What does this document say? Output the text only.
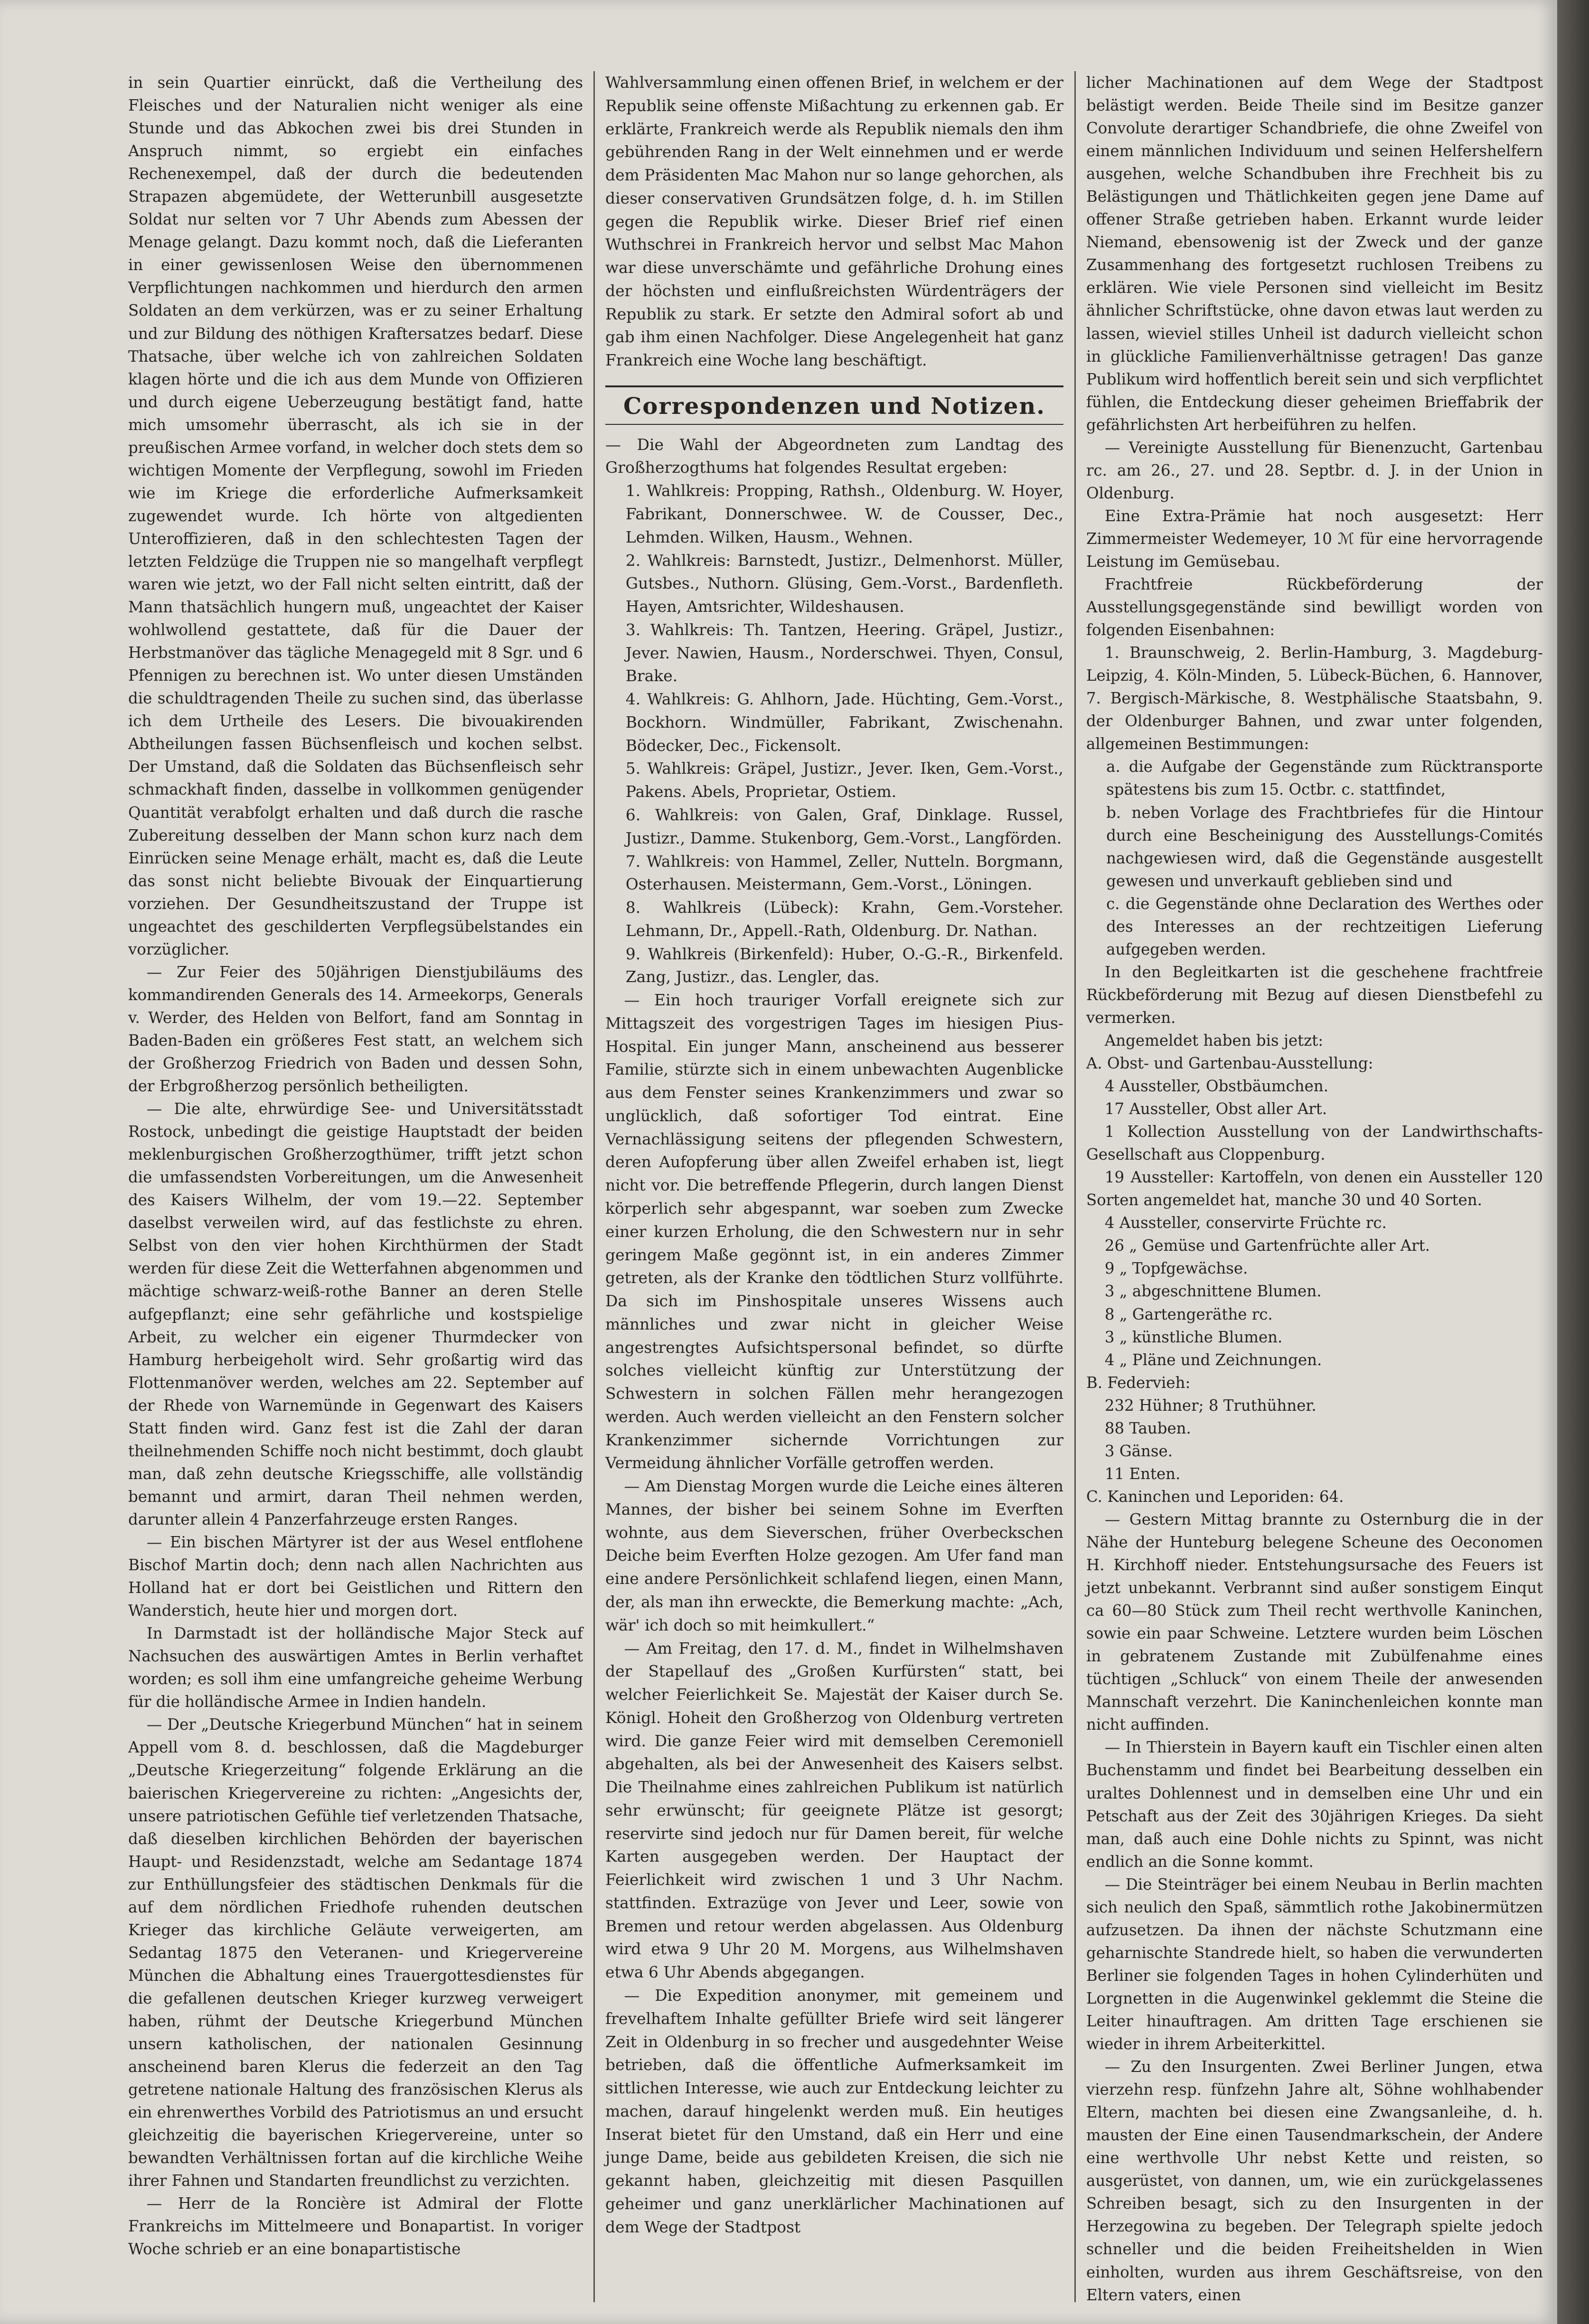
in sein Quartier einrückt, daß die Vertheilung des Fleisches und der Naturalien nicht weniger als eine Stunde und das Abkochen zwei bis drei Stunden in Anspruch nimmt, so ergiebt ein einfaches Rechenexempel, daß der durch die bedeutenden Strapazen abgemüdete, der Wetterunbill ausgesetzte Soldat nur selten vor 7 Uhr Abends zum Abessen der Menage gelangt. Dazu kommt noch, daß die Lieferanten in einer gewissenlosen Weise den übernommenen Verpflichtungen nachkommen und hierdurch den armen Soldaten an dem verkürzen, was er zu seiner Erhaltung und zur Bildung des nöthigen Kraftersatzes bedarf. Diese Thatsache, über welche ich von zahlreichen Soldaten klagen hörte und die ich aus dem Munde von Offizieren und durch eigene Ueberzeugung bestätigt fand, hatte mich umsomehr überrascht, als ich sie in der preußischen Armee vorfand, in welcher doch stets dem so wichtigen Momente der Verpflegung, sowohl im Frieden wie im Kriege die erforderliche Aufmerksamkeit zugewendet wurde. Ich hörte von altgedienten Unteroffizieren, daß in den schlechtesten Tagen der letzten Feldzüge die Truppen nie so mangelhaft verpflegt waren wie jetzt, wo der Fall nicht selten eintritt, daß der Mann thatsächlich hungern muß, ungeachtet der Kaiser wohlwollend gestattete, daß für die Dauer der Herbstmanöver das tägliche Menagegeld mit 8 Sgr. und 6 Pfennigen zu berechnen ist. Wo unter diesen Umständen die schuldtragenden Theile zu suchen sind, das überlasse ich dem Urtheile des Lesers. Die bivouakirenden Abtheilungen fassen Büchsenfleisch und kochen selbst. Der Umstand, daß die Soldaten das Büchsenfleisch sehr schmackhaft finden, dasselbe in vollkommen genügender Quantität verabfolgt erhalten und daß durch die rasche Zubereitung desselben der Mann schon kurz nach dem Einrücken seine Menage erhält, macht es, daß die Leute das sonst nicht beliebte Bivouak der Einquartierung vorziehen. Der Gesundheitszustand der Truppe ist ungeachtet des geschilderten Verpflegsübelstandes ein vorzüglicher.

— Zur Feier des 50jährigen Dienstjubiläums des kommandirenden Generals des 14. Armeekorps, Generals v. Werder, des Helden von Belfort, fand am Sonntag in Baden-Baden ein größeres Fest statt, an welchem sich der Großherzog Friedrich von Baden und dessen Sohn, der Erbgroßherzog persönlich betheiligten.

— Die alte, ehrwürdige See- und Universitätsstadt Rostock, unbedingt die geistige Hauptstadt der beiden meklenburgischen Großherzogthümer, trifft jetzt schon die umfassendsten Vorbereitungen, um die Anwesenheit des Kaisers Wilhelm, der vom 19.—22. September daselbst verweilen wird, auf das festlichste zu ehren. Selbst von den vier hohen Kirchthürmen der Stadt werden für diese Zeit die Wetterfahnen abgenommen und mächtige schwarz-weiß-rothe Banner an deren Stelle aufgepflanzt; eine sehr gefährliche und kostspielige Arbeit, zu welcher ein eigener Thurmdecker von Hamburg herbeigeholt wird. Sehr großartig wird das Flottenmanöver werden, welches am 22. September auf der Rhede von Warnemünde in Gegenwart des Kaisers Statt finden wird. Ganz fest ist die Zahl der daran theilnehmenden Schiffe noch nicht bestimmt, doch glaubt man, daß zehn deutsche Kriegsschiffe, alle vollständig bemannt und armirt, daran Theil nehmen werden, darunter allein 4 Panzerfahrzeuge ersten Ranges.

— Ein bischen Märtyrer ist der aus Wesel entflohene Bischof Martin doch; denn nach allen Nachrichten aus Holland hat er dort bei Geistlichen und Rittern den Wanderstich, heute hier und morgen dort.

In Darmstadt ist der holländische Major Steck auf Nachsuchen des auswärtigen Amtes in Berlin verhaftet worden; es soll ihm eine umfangreiche geheime Werbung für die holländische Armee in Indien handeln.

— Der „Deutsche Kriegerbund München“ hat in seinem Appell vom 8. d. beschlossen, daß die Magdeburger „Deutsche Kriegerzeitung“ folgende Erklärung an die baierischen Kriegervereine zu richten: „Angesichts der, unsere patriotischen Gefühle tief verletzenden Thatsache, daß dieselben kirchlichen Behörden der bayerischen Haupt- und Residenzstadt, welche am Sedantage 1874 zur Enthüllungsfeier des städtischen Denkmals für die auf dem nördlichen Friedhofe ruhenden deutschen Krieger das kirchliche Geläute verweigerten, am Sedantag 1875 den Veteranen- und Kriegervereine München die Abhaltung eines Trauergottesdienstes für die gefallenen deutschen Krieger kurzweg verweigert haben, rühmt der Deutsche Kriegerbund München unsern katholischen, der nationalen Gesinnung anscheinend baren Klerus die federzeit an den Tag getretene nationale Haltung des französischen Klerus als ein ehrenwerthes Vorbild des Patriotismus an und ersucht gleichzeitig die bayerischen Kriegervereine, unter so bewandten Verhältnissen fortan auf die kirchliche Weihe ihrer Fahnen und Standarten freundlichst zu verzichten.

— Herr de la Roncière ist Admiral der Flotte Frankreichs im Mittelmeere und Bonapartist. In voriger Woche schrieb er an eine bonapartistische

Wahlversammlung einen offenen Brief, in welchem er der Republik seine offenste Mißachtung zu erkennen gab. Er erklärte, Frankreich werde als Republik niemals den ihm gebührenden Rang in der Welt einnehmen und er werde dem Präsidenten Mac Mahon nur so lange gehorchen, als dieser conservativen Grundsätzen folge, d. h. im Stillen gegen die Republik wirke. Dieser Brief rief einen Wuthschrei in Frankreich hervor und selbst Mac Mahon war diese unverschämte und gefährliche Drohung eines der höchsten und einflußreichsten Würdenträgers der Republik zu stark. Er setzte den Admiral sofort ab und gab ihm einen Nachfolger. Diese Angelegenheit hat ganz Frankreich eine Woche lang beschäftigt.

Correspondenzen und Notizen.

— Die Wahl der Abgeordneten zum Landtag des Großherzogthums hat folgendes Resultat ergeben:

1. Wahlkreis: Propping, Rathsh., Oldenburg. W. Hoyer, Fabrikant, Donnerschwee. W. de Cousser, Dec., Lehmden. Wilken, Hausm., Wehnen.

2. Wahlkreis: Barnstedt, Justizr., Delmenhorst. Müller, Gutsbes., Nuthorn. Glüsing, Gem.-Vorst., Bardenfleth. Hayen, Amtsrichter, Wildeshausen.

3. Wahlkreis: Th. Tantzen, Heering. Gräpel, Justizr., Jever. Nawien, Hausm., Norderschwei. Thyen, Consul, Brake.

4. Wahlkreis: G. Ahlhorn, Jade. Hüchting, Gem.-Vorst., Bockhorn. Windmüller, Fabrikant, Zwischenahn. Bödecker, Dec., Fickensolt.

5. Wahlkreis: Gräpel, Justizr., Jever. Iken, Gem.-Vorst., Pakens. Abels, Proprietar, Ostiem.

6. Wahlkreis: von Galen, Graf, Dinklage. Russel, Justizr., Damme. Stukenborg, Gem.-Vorst., Langförden.

7. Wahlkreis: von Hammel, Zeller, Nutteln. Borgmann, Osterhausen. Meistermann, Gem.-Vorst., Löningen.

8. Wahlkreis (Lübeck): Krahn, Gem.-Vorsteher. Lehmann, Dr., Appell.-Rath, Oldenburg. Dr. Nathan.

9. Wahlkreis (Birkenfeld): Huber, O.-G.-R., Birkenfeld. Zang, Justizr., das. Lengler, das.

— Ein hoch trauriger Vorfall ereignete sich zur Mittagszeit des vorgestrigen Tages im hiesigen Pius-Hospital. Ein junger Mann, anscheinend aus besserer Familie, stürzte sich in einem unbewachten Augenblicke aus dem Fenster seines Krankenzimmers und zwar so unglücklich, daß sofortiger Tod eintrat. Eine Vernachlässigung seitens der pflegenden Schwestern, deren Aufopferung über allen Zweifel erhaben ist, liegt nicht vor. Die betreffende Pflegerin, durch langen Dienst körperlich sehr abgespannt, war soeben zum Zwecke einer kurzen Erholung, die den Schwestern nur in sehr geringem Maße gegönnt ist, in ein anderes Zimmer getreten, als der Kranke den tödtlichen Sturz vollführte. Da sich im Pinshospitale unseres Wissens auch männliches und zwar nicht in gleicher Weise angestrengtes Aufsichtspersonal befindet, so dürfte solches vielleicht künftig zur Unterstützung der Schwestern in solchen Fällen mehr herangezogen werden. Auch werden vielleicht an den Fenstern solcher Krankenzimmer sichernde Vorrichtungen zur Vermeidung ähnlicher Vorfälle getroffen werden.

— Am Dienstag Morgen wurde die Leiche eines älteren Mannes, der bisher bei seinem Sohne im Everften wohnte, aus dem Sieverschen, früher Overbeckschen Deiche beim Everften Holze gezogen. Am Ufer fand man eine andere Persönlichkeit schlafend liegen, einen Mann, der, als man ihn erweckte, die Bemerkung machte: „Ach, wär' ich doch so mit heimkullert.“

— Am Freitag, den 17. d. M., findet in Wilhelmshaven der Stapellauf des „Großen Kurfürsten“ statt, bei welcher Feierlichkeit Se. Majestät der Kaiser durch Se. Königl. Hoheit den Großherzog von Oldenburg vertreten wird. Die ganze Feier wird mit demselben Ceremoniell abgehalten, als bei der Anwesenheit des Kaisers selbst. Die Theilnahme eines zahlreichen Publikum ist natürlich sehr erwünscht; für geeignete Plätze ist gesorgt; reservirte sind jedoch nur für Damen bereit, für welche Karten ausgegeben werden. Der Hauptact der Feierlichkeit wird zwischen 1 und 3 Uhr Nachm. stattfinden. Extrazüge von Jever und Leer, sowie von Bremen und retour werden abgelassen. Aus Oldenburg wird etwa 9 Uhr 20 M. Morgens, aus Wilhelmshaven etwa 6 Uhr Abends abgegangen.

— Die Expedition anonymer, mit gemeinem und frevelhaftem Inhalte gefüllter Briefe wird seit längerer Zeit in Oldenburg in so frecher und ausgedehnter Weise betrieben, daß die öffentliche Aufmerksamkeit im sittlichen Interesse, wie auch zur Entdeckung leichter zu machen, darauf hingelenkt werden muß. Ein heutiges Inserat bietet für den Umstand, daß ein Herr und eine junge Dame, beide aus gebildeten Kreisen, die sich nie gekannt haben, gleichzeitig mit diesen Pasquillen geheimer und ganz unerklärlicher Machinationen auf dem Wege der Stadtpost

licher Machinationen auf dem Wege der Stadtpost belästigt werden. Beide Theile sind im Besitze ganzer Convolute derartiger Schandbriefe, die ohne Zweifel von einem männlichen Individuum und seinen Helfershelfern ausgehen, welche Schandbuben ihre Frechheit bis zu Belästigungen und Thätlichkeiten gegen jene Dame auf offener Straße getrieben haben. Erkannt wurde leider Niemand, ebensowenig ist der Zweck und der ganze Zusammenhang des fortgesetzt ruchlosen Treibens zu erklären. Wie viele Personen sind vielleicht im Besitz ähnlicher Schriftstücke, ohne davon etwas laut werden zu lassen, wieviel stilles Unheil ist dadurch vielleicht schon in glückliche Familienverhältnisse getragen! Das ganze Publikum wird hoffentlich bereit sein und sich verpflichtet fühlen, die Entdeckung dieser geheimen Brieffabrik der gefährlichsten Art herbeiführen zu helfen.

— Vereinigte Ausstellung für Bienenzucht, Gartenbau rc. am 26., 27. und 28. Septbr. d. J. in der Union in Oldenburg.

Eine Extra-Prämie hat noch ausgesetzt: Herr Zimmermeister Wedemeyer, 10 ℳ für eine hervorragende Leistung im Gemüsebau.

Frachtfreie Rückbeförderung der Ausstellungsgegenstände sind bewilligt worden von folgenden Eisenbahnen:

1. Braunschweig, 2. Berlin-Hamburg, 3. Magdeburg-Leipzig, 4. Köln-Minden, 5. Lübeck-Büchen, 6. Hannover, 7. Bergisch-Märkische, 8. Westphälische Staatsbahn, 9. der Oldenburger Bahnen, und zwar unter folgenden, allgemeinen Bestimmungen:

a. die Aufgabe der Gegenstände zum Rücktransporte spätestens bis zum 15. Octbr. c. stattfindet,

b. neben Vorlage des Frachtbriefes für die Hintour durch eine Bescheinigung des Ausstellungs-Comités nachgewiesen wird, daß die Gegenstände ausgestellt gewesen und unverkauft geblieben sind und

c. die Gegenstände ohne Declaration des Werthes oder des Interesses an der rechtzeitigen Lieferung aufgegeben werden.

In den Begleitkarten ist die geschehene frachtfreie Rückbeförderung mit Bezug auf diesen Dienstbefehl zu vermerken.

Angemeldet haben bis jetzt:

A. Obst- und Gartenbau-Ausstellung:

4 Aussteller, Obstbäumchen.

17 Aussteller, Obst aller Art.

1 Kollection Ausstellung von der Landwirthschafts-Gesellschaft aus Cloppenburg.

19 Aussteller: Kartoffeln, von denen ein Aussteller 120 Sorten angemeldet hat, manche 30 und 40 Sorten.

4 Aussteller, conservirte Früchte rc.

26 „ Gemüse und Gartenfrüchte aller Art.

9 „ Topfgewächse.

3 „ abgeschnittene Blumen.

8 „ Gartengeräthe rc.

3 „ künstliche Blumen.

4 „ Pläne und Zeichnungen.

B. Federvieh:

232 Hühner; 8 Truthühner.

88 Tauben.

3 Gänse.

11 Enten.

C. Kaninchen und Leporiden: 64.

— Gestern Mittag brannte zu Osternburg die in der Nähe der Hunteburg belegene Scheune des Oeconomen H. Kirchhoff nieder. Entstehungsursache des Feuers ist jetzt unbekannt. Verbrannt sind außer sonstigem Einqut ca 60—80 Stück zum Theil recht werthvolle Kaninchen, sowie ein paar Schweine. Letztere wurden beim Löschen in gebratenem Zustande mit Zubülfenahme eines tüchtigen „Schluck“ von einem Theile der anwesenden Mannschaft verzehrt. Die Kaninchenleichen konnte man nicht auffinden.

— In Thierstein in Bayern kauft ein Tischler einen alten Buchenstamm und findet bei Bearbeitung desselben ein uraltes Dohlennest und in demselben eine Uhr und ein Petschaft aus der Zeit des 30jährigen Krieges. Da sieht man, daß auch eine Dohle nichts zu Spinnt, was nicht endlich an die Sonne kommt.

— Die Steinträger bei einem Neubau in Berlin machten sich neulich den Spaß, sämmtlich rothe Jakobinermützen aufzusetzen. Da ihnen der nächste Schutzmann eine geharnischte Standrede hielt, so haben die verwunderten Berliner sie folgenden Tages in hohen Cylinderhüten und Lorgnetten in die Augenwinkel geklemmt die Steine die Leiter hinauftragen. Am dritten Tage erschienen sie wieder in ihrem Arbeiterkittel.

— Zu den Insurgenten. Zwei Berliner Jungen, etwa vierzehn resp. fünfzehn Jahre alt, Söhne wohlhabender Eltern, machten bei diesen eine Zwangsanleihe, d. h. mausten der Eine einen Tausendmarkschein, der Andere eine werthvolle Uhr nebst Kette und reisten, so ausgerüstet, von dannen, um, wie ein zurückgelassenes Schreiben besagt, sich zu den Insurgenten in der Herzegowina zu begeben. Der Telegraph spielte jedoch schneller und die beiden Freiheitshelden in Wien einholten, wurden aus ihrem Geschäftsreise, von den Eltern vaters, einen
